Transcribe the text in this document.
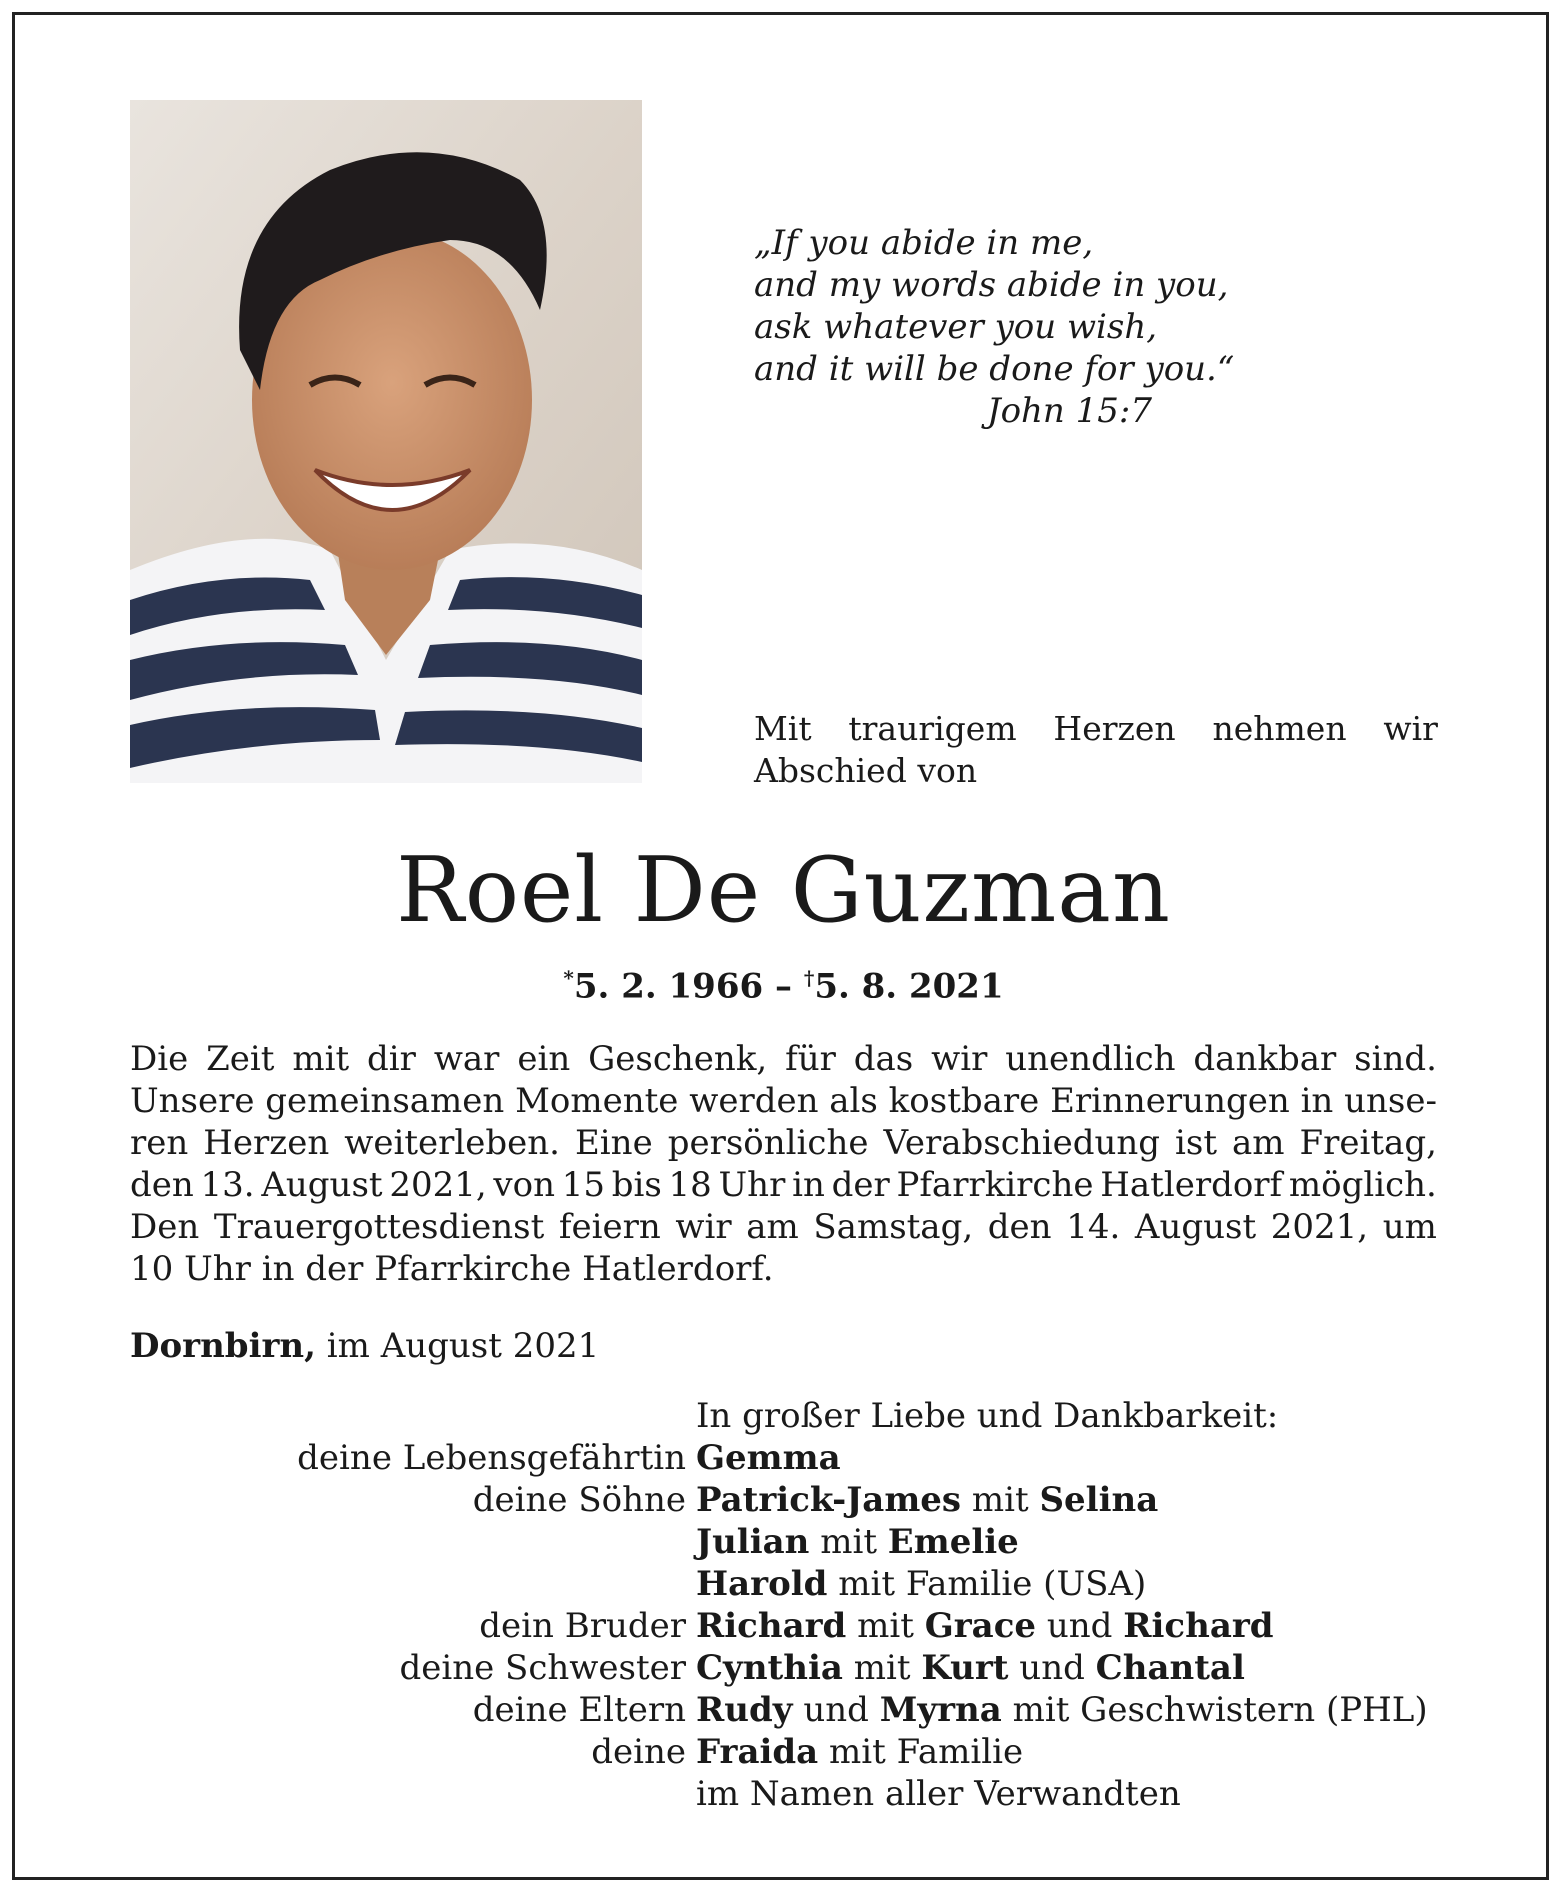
„If you abide in me,
and my words abide in you,
ask whatever you wish,
and it will be done for you.“
John 15:7
Mit traurigem Herzen nehmen wir
Abschied von
Roel De Guzman
*5. 2. 1966 – †5. 8. 2021
Die Zeit mit dir war ein Geschenk, für das wir unendlich dankbar sind.
Unsere gemeinsamen Momente werden als kostbare Erinnerungen in unse-
ren Herzen weiterleben. Eine persönliche Verabschiedung ist am Freitag,
den 13. August 2021, von 15 bis 18 Uhr in der Pfarrkirche Hatlerdorf möglich.
Den Trauergottesdienst feiern wir am Samstag, den 14. August 2021, um
10 Uhr in der Pfarrkirche Hatlerdorf.
Dornbirn, im August 2021
In großer Liebe und Dankbarkeit:
deine Lebensgefährtin Gemma
deine Söhne Patrick-James mit Selina
Julian mit Emelie
Harold mit Familie (USA)
dein Bruder Richard mit Grace und Richard
deine Schwester Cynthia mit Kurt und Chantal
deine Eltern Rudy und Myrna mit Geschwistern (PHL)
deine Fraida mit Familie
im Namen aller Verwandten
